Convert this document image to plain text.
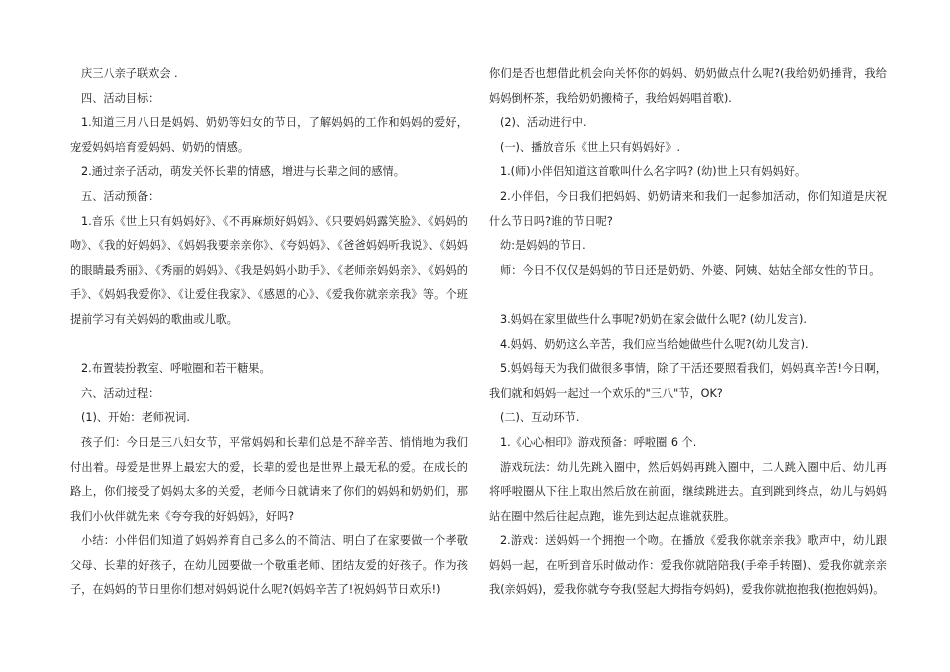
庆三八亲子联欢会 .

四、活动目标：

1.知道三月八日是妈妈、奶奶等妇女的节日，了解妈妈的工作和妈妈的爱好，宠爱妈妈培育爱妈妈、奶奶的情感。

2.通过亲子活动，萌发关怀长辈的情感，增进与长辈之间的感情。

五、活动预备：

1.音乐《世上只有妈妈好》、《不再麻烦好妈妈》、《只要妈妈露笑脸》、《妈妈的吻》、《我的好妈妈》、《妈妈我要亲亲你》、《夸妈妈》、《爸爸妈妈听我说》、《妈妈的眼睛最秀丽》、《秀丽的妈妈》、《我是妈妈小助手》、《老师亲妈妈亲》、《妈妈的手》、《妈妈我爱你》、《让爱住我家》、《感恩的心》、《爱我你就亲亲我》等。个班提前学习有关妈妈的歌曲或儿歌。

2.布置装扮教室、呼啦圈和若干糖果。

六、活动过程：

(1)、开始：老师祝词.

孩子们：今日是三八妇女节，平常妈妈和长辈们总是不辞辛苦、悄悄地为我们付出着。母爱是世界上最宏大的爱，长辈的爱也是世界上最无私的爱。在成长的路上，你们接受了妈妈太多的关爱，老师今日就请来了你们的妈妈和奶奶们，那我们小伙伴就先来《夸夸我的好妈妈》，好吗?

小结：小伴侣们知道了妈妈养育自己多么的不简洁、明白了在家要做一个孝敬父母、长辈的好孩子，在幼儿园要做一个敬重老师、团结友爱的好孩子。作为孩子，在妈妈的节日里你们想对妈妈说什么呢?(妈妈辛苦了!祝妈妈节日欢乐!)

你们是否也想借此机会向关怀你的妈妈、奶奶做点什么呢?(我给奶奶捶背，我给妈妈倒杯茶，我给奶奶搬椅子，我给妈妈唱首歌).

(2)、活动进行中.

(一)、播放音乐《世上只有妈妈好》.

1.(师)小伴侣知道这首歌叫什么名字吗? (幼)世上只有妈妈好。

2.小伴侣，今日我们把妈妈、奶奶请来和我们一起参加活动，你们知道是庆祝什么节日吗?谁的节日呢?

幼:是妈妈的节日.

师：今日不仅仅是妈妈的节日还是奶奶、外婆、阿姨、姑姑全部女性的节日。

3.妈妈在家里做些什么事呢?奶奶在家会做什么呢? (幼儿发言).

4.妈妈、奶奶这么辛苦，我们应当给她做些什么呢?(幼儿发言).

5.妈妈每天为我们做很多事情，除了干活还要照看我们，妈妈真辛苦!今日啊，我们就和妈妈一起过一个欢乐的"三八"节，OK?

(二)、互动环节.

1.《心心相印》游戏预备：呼啦圈 6 个.

游戏玩法：幼儿先跳入圈中，然后妈妈再跳入圈中，二人跳入圈中后、幼儿再将呼啦圈从下往上取出然后放在前面，继续跳进去。直到跳到终点，幼儿与妈妈站在圈中然后往起点跑，谁先到达起点谁就获胜。

2.游戏：送妈妈一个拥抱一个吻。在播放《爱我你就亲亲我》歌声中，幼儿跟妈妈一起，在听到音乐时做动作：爱我你就陪陪我(手牵手转圈)、爱我你就亲亲我(亲妈妈)，爱我你就夸夸我(竖起大拇指夸妈妈)，爱我你就抱抱我(抱抱妈妈)。
